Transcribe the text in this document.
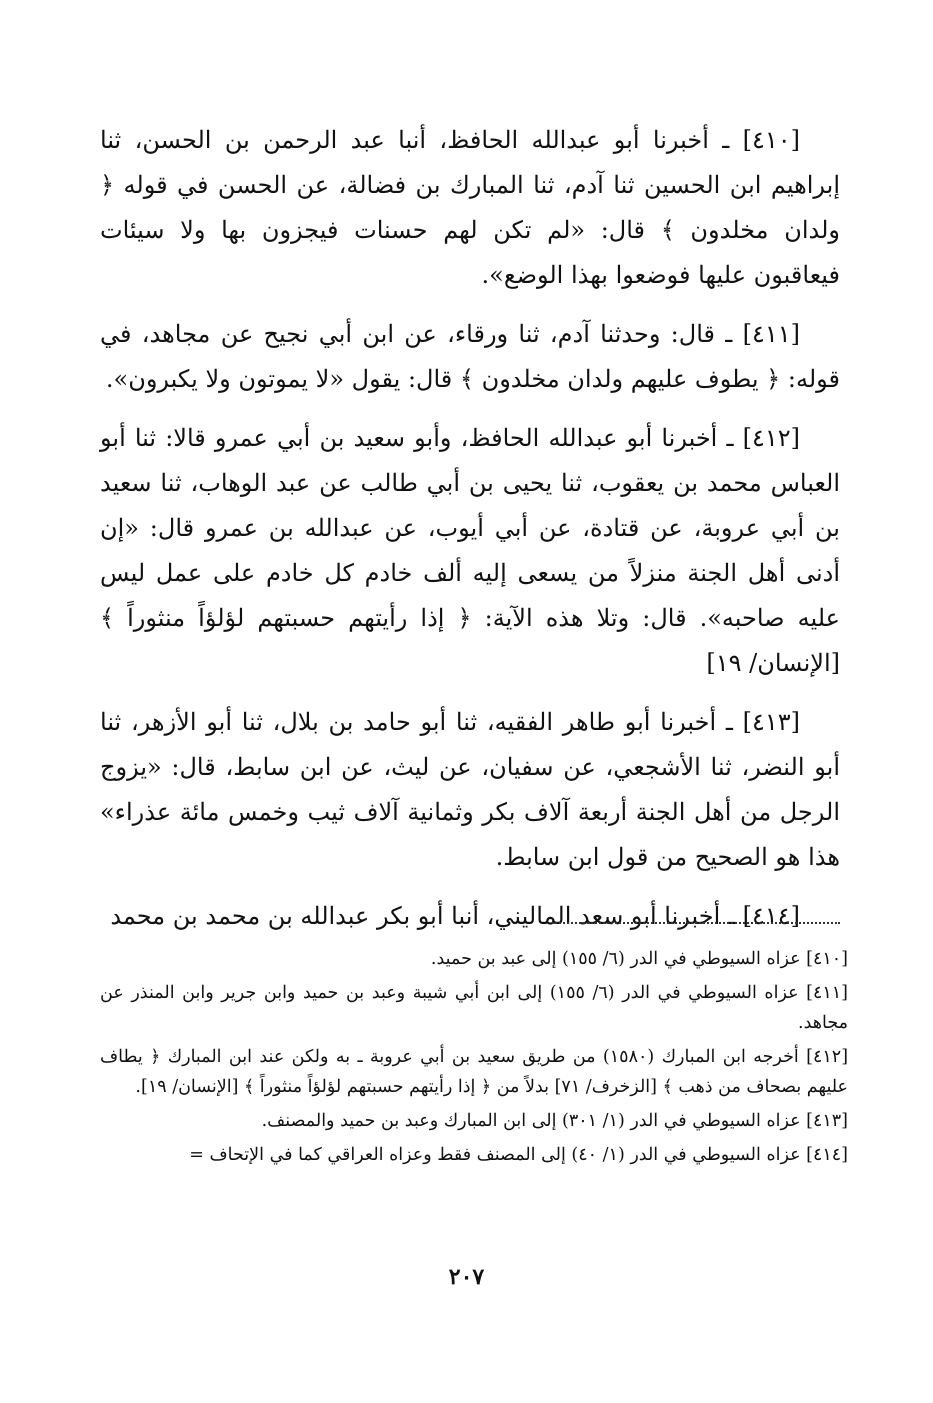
[٤١٠] ـ أخبرنا أبو عبدالله الحافظ، أنبا عبد الرحمن بن الحسن، ثنا إبراهيم ابن الحسين ثنا آدم، ثنا المبارك بن فضالة، عن الحسن في قوله ﴿ ولدان مخلدون ﴾ قال: «لم تكن لهم حسنات فيجزون بها ولا سيئات فيعاقبون عليها فوضعوا بهذا الوضع».

[٤١١] ـ قال: وحدثنا آدم، ثنا ورقاء، عن ابن أبي نجيح عن مجاهد، في قوله: ﴿ يطوف عليهم ولدان مخلدون ﴾ قال: يقول «لا يموتون ولا يكبرون».

[٤١٢] ـ أخبرنا أبو عبدالله الحافظ، وأبو سعيد بن أبي عمرو قالا: ثنا أبو العباس محمد بن يعقوب، ثنا يحيى بن أبي طالب عن عبد الوهاب، ثنا سعيد بن أبي عروبة، عن قتادة، عن أبي أيوب، عن عبدالله بن عمرو قال: «إن أدنى أهل الجنة منزلاً من يسعى إليه ألف خادم كل خادم على عمل ليس عليه صاحبه». قال: وتلا هذه الآية: ﴿ إذا رأيتهم حسبتهم لؤلؤاً منثوراً ﴾ [الإنسان/ ١٩]

[٤١٣] ـ أخبرنا أبو طاهر الفقيه، ثنا أبو حامد بن بلال، ثنا أبو الأزهر، ثنا أبو النضر، ثنا الأشجعي، عن سفيان، عن ليث، عن ابن سابط، قال: «يزوج الرجل من أهل الجنة أربعة آلاف بكر وثمانية آلاف ثيب وخمس مائة عذراء» هذا هو الصحيح من قول ابن سابط.

[٤١٤] ـ أخبرنا أبو سعد الماليني، أنبا أبو بكر عبدالله بن محمد بن محمد

[٤١٠] عزاه السيوطي في الدر (٦/ ١٥٥) إلى عبد بن حميد.

[٤١١] عزاه السيوطي في الدر (٦/ ١٥٥) إلى ابن أبي شيبة وعبد بن حميد وابن جرير وابن المنذر عن مجاهد.

[٤١٢] أخرجه ابن المبارك (١٥٨٠) من طريق سعيد بن أبي عروبة ـ به ولكن عند ابن المبارك ﴿ يطاف عليهم بصحاف من ذهب ﴾ [الزخرف/ ٧١] بدلاً من ﴿ إذا رأيتهم حسبتهم لؤلؤاً منثوراً ﴾ [الإنسان/ ١٩].

[٤١٣] عزاه السيوطي في الدر (١/ ٣٠١) إلى ابن المبارك وعبد بن حميد والمصنف.

[٤١٤] عزاه السيوطي في الدر (١/ ٤٠) إلى المصنف فقط وعزاه العراقي كما في الإتحاف =

٢٠٧
